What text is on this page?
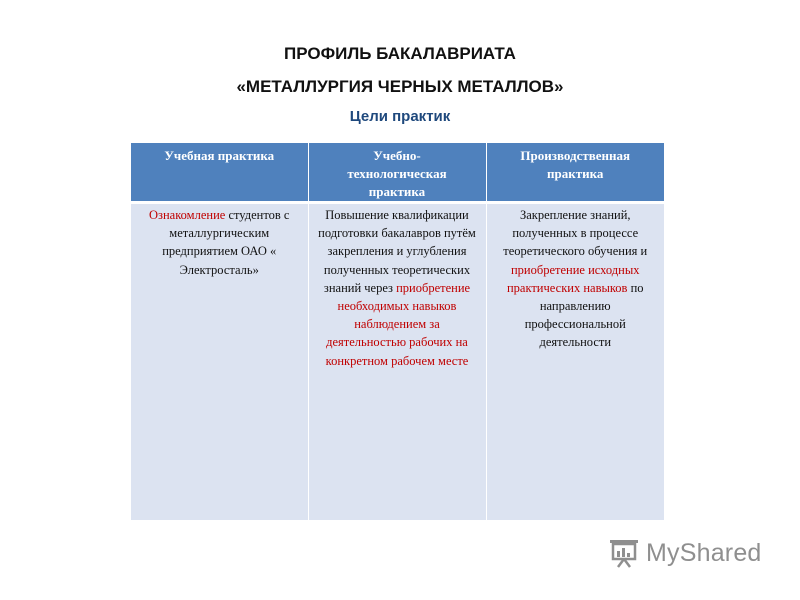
ПРОФИЛЬ БАКАЛАВРИАТА
«МЕТАЛЛУРГИЯ ЧЕРНЫХ МЕТАЛЛОВ»
Цели практик
Учебная практика	Учебно-технологическая практика	Производственная практика
Ознакомление студентов с металлургическим предприятием ОАО « Электросталь»	Повышение квалификации подготовки бакалавров путём закрепления и углубления полученных теоретических знаний через приобретение необходимых навыков наблюдением за деятельностью рабочих на конкретном рабочем месте	Закрепление знаний, полученных в процессе теоретического обучения и приобретение исходных практических навыков по направлению профессиональной деятельности
MyShared
